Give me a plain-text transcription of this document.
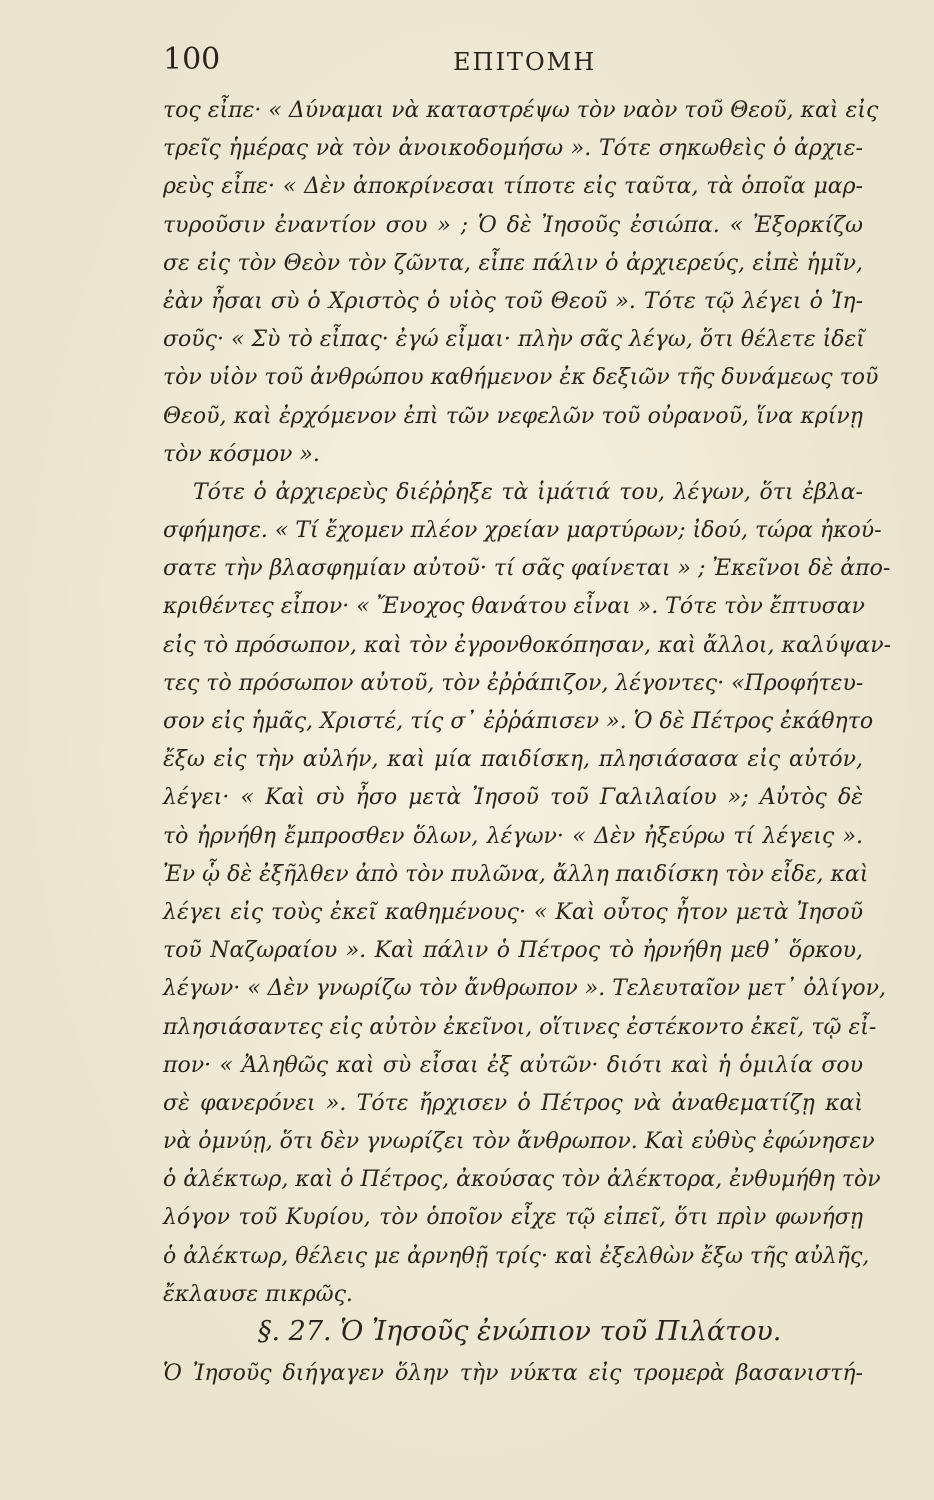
100	ΕΠΙΤΟΜΗ
τος εἶπε· « Δύναμαι νὰ καταστρέψω τὸν ναὸν τοῦ Θεοῦ, καὶ εἰς
τρεῖς ἡμέρας νὰ τὸν ἀνοικοδομήσω ». Τότε σηκωθεὶς ὁ ἀρχιε-
ρεὺς εἶπε· « Δὲν ἀποκρίνεσαι τίποτε εἰς ταῦτα, τὰ ὁποῖα μαρ-
τυροῦσιν ἐναντίον σου » ; Ὁ δὲ Ἰησοῦς ἐσιώπα. « Ἐξορκίζω
σε εἰς τὸν Θεὸν τὸν ζῶντα, εἶπε πάλιν ὁ ἀρχιερεύς, εἰπὲ ἡμῖν,
ἐὰν ἦσαι σὺ ὁ Χριστὸς ὁ υἱὸς τοῦ Θεοῦ ». Τότε τῷ λέγει ὁ Ἰη-
σοῦς· « Σὺ τὸ εἶπας· ἐγώ εἶμαι· πλὴν σᾶς λέγω, ὅτι θέλετε ἰδεῖ
τὸν υἱὸν τοῦ ἀνθρώπου καθήμενον ἐκ δεξιῶν τῆς δυνάμεως τοῦ
Θεοῦ, καὶ ἐρχόμενον ἐπὶ τῶν νεφελῶν τοῦ οὐρανοῦ, ἵνα κρίνῃ
τὸν κόσμον ».
Τότε ὁ ἀρχιερεὺς διέῤῥηξε τὰ ἱμάτιά του, λέγων, ὅτι ἐβλα-
σφήμησε. « Τί ἔχομεν πλέον χρείαν μαρτύρων; ἰδού, τώρα ἠκού-
σατε τὴν βλασφημίαν αὐτοῦ· τί σᾶς φαίνεται » ; Ἐκεῖνοι δὲ ἀπο-
κριθέντες εἶπον· « Ἔνοχος θανάτου εἶναι ». Τότε τὸν ἔπτυσαν
εἰς τὸ πρόσωπον, καὶ τὸν ἐγρονθοκόπησαν, καὶ ἄλλοι, καλύψαν-
τες τὸ πρόσωπον αὐτοῦ, τὸν ἐῤῥάπιζον, λέγοντες· «Προφήτευ-
σον εἰς ἡμᾶς, Χριστέ, τίς σ᾽ ἐῤῥάπισεν ». Ὁ δὲ Πέτρος ἐκάθητο
ἔξω εἰς τὴν αὐλήν, καὶ μία παιδίσκη, πλησιάσασα εἰς αὐτόν,
λέγει· « Καὶ σὺ ἦσο μετὰ Ἰησοῦ τοῦ Γαλιλαίου »; Αὐτὸς δὲ
τὸ ἠρνήθη ἔμπροσθεν ὅλων, λέγων· « Δὲν ἠξεύρω τί λέγεις ».
Ἐν ᾧ δὲ ἐξῆλθεν ἀπὸ τὸν πυλῶνα, ἄλλη παιδίσκη τὸν εἶδε, καὶ
λέγει εἰς τοὺς ἐκεῖ καθημένους· « Καὶ οὗτος ἦτον μετὰ Ἰησοῦ
τοῦ Ναζωραίου ». Καὶ πάλιν ὁ Πέτρος τὸ ἠρνήθη μεθ᾽ ὅρκου,
λέγων· « Δὲν γνωρίζω τὸν ἄνθρωπον ». Τελευταῖον μετ᾽ ὀλίγον,
πλησιάσαντες εἰς αὐτὸν ἐκεῖνοι, οἵτινες ἐστέκοντο ἐκεῖ, τῷ εἶ-
πον· « Ἀληθῶς καὶ σὺ εἶσαι ἐξ αὐτῶν· διότι καὶ ἡ ὁμιλία σου
σὲ φανερόνει ». Τότε ἤρχισεν ὁ Πέτρος νὰ ἀναθεματίζῃ καὶ
νὰ ὀμνύῃ, ὅτι δὲν γνωρίζει τὸν ἄνθρωπον. Καὶ εὐθὺς ἐφώνησεν
ὁ ἀλέκτωρ, καὶ ὁ Πέτρος, ἀκούσας τὸν ἀλέκτορα, ἐνθυμήθη τὸν
λόγον τοῦ Κυρίου, τὸν ὁποῖον εἶχε τῷ εἰπεῖ, ὅτι πρὶν φωνήσῃ
ὁ ἀλέκτωρ, θέλεις με ἀρνηθῇ τρίς· καὶ ἐξελθὼν ἔξω τῆς αὐλῆς,
ἔκλαυσε πικρῶς.
§. 27. Ὁ Ἰησοῦς ἐνώπιον τοῦ Πιλάτου.
Ὁ Ἰησοῦς διήγαγεν ὅλην τὴν νύκτα εἰς τρομερὰ βασανιστή-
